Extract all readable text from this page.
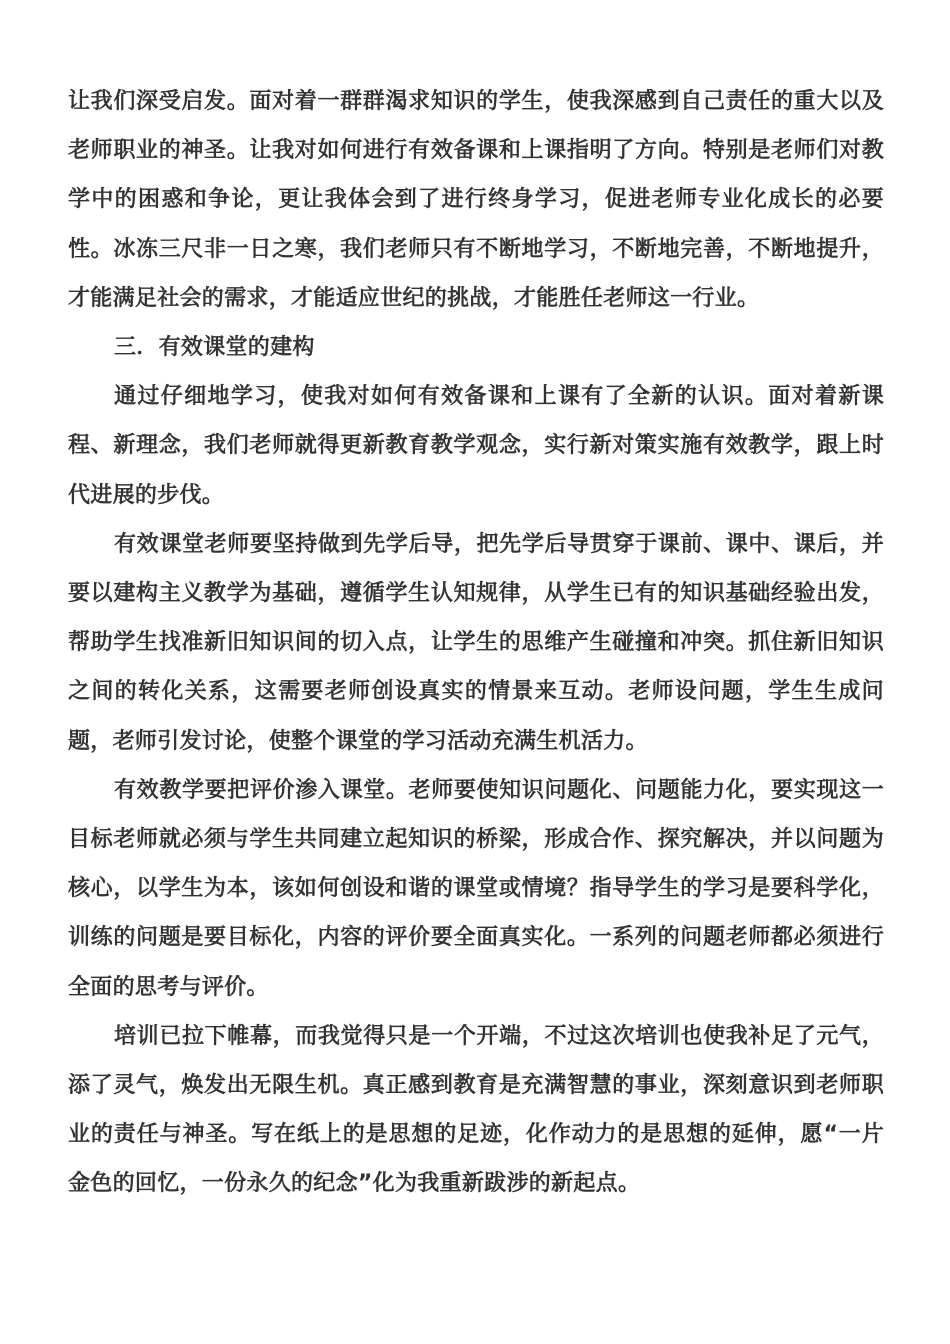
让我们深受启发。面对着一群群渴求知识的学生，使我深感到自己责任的重大以及老师职业的神圣。让我对如何进行有效备课和上课指明了方向。特别是老师们对教学中的困惑和争论，更让我体会到了进行终身学习，促进老师专业化成长的必要性。冰冻三尺非一日之寒，我们老师只有不断地学习，不断地完善，不断地提升，才能满足社会的需求，才能适应世纪的挑战，才能胜任老师这一行业。

三．有效课堂的建构

通过仔细地学习，使我对如何有效备课和上课有了全新的认识。面对着新课程、新理念，我们老师就得更新教育教学观念，实行新对策实施有效教学，跟上时代进展的步伐。

有效课堂老师要坚持做到先学后导，把先学后导贯穿于课前、课中、课后，并要以建构主义教学为基础，遵循学生认知规律，从学生已有的知识基础经验出发，帮助学生找准新旧知识间的切入点，让学生的思维产生碰撞和冲突。抓住新旧知识之间的转化关系，这需要老师创设真实的情景来互动。老师设问题，学生生成问题，老师引发讨论，使整个课堂的学习活动充满生机活力。

有效教学要把评价渗入课堂。老师要使知识问题化、问题能力化，要实现这一目标老师就必须与学生共同建立起知识的桥梁，形成合作、探究解决，并以问题为核心，以学生为本，该如何创设和谐的课堂或情境？指导学生的学习是要科学化，训练的问题是要目标化，内容的评价要全面真实化。一系列的问题老师都必须进行全面的思考与评价。

培训已拉下帷幕，而我觉得只是一个开端，不过这次培训也使我补足了元气，添了灵气，焕发出无限生机。真正感到教育是充满智慧的事业，深刻意识到老师职业的责任与神圣。写在纸上的是思想的足迹，化作动力的是思想的延伸，愿“一片金色的回忆，一份永久的纪念”化为我重新跋涉的新起点。
